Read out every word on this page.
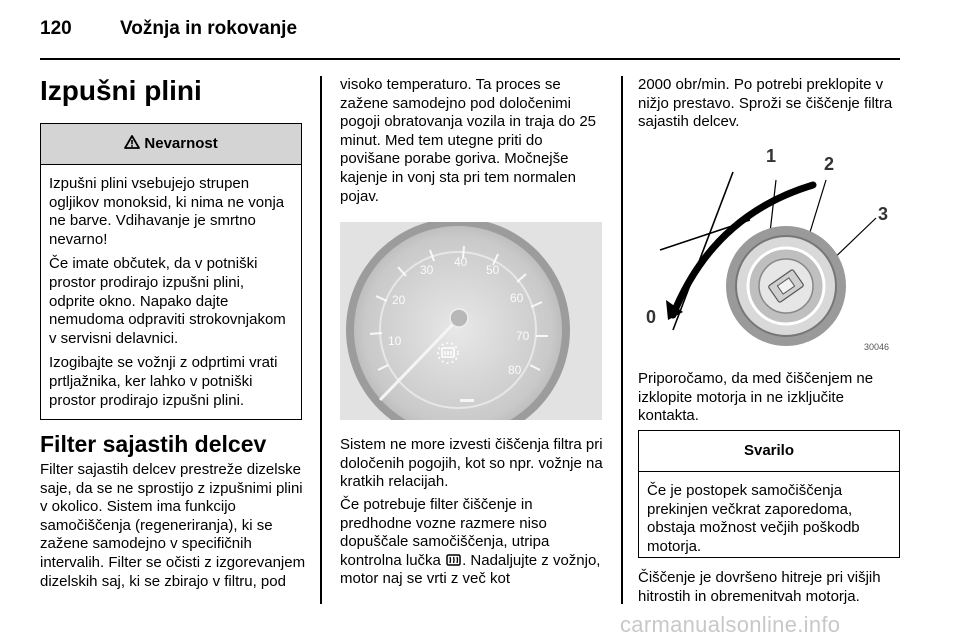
120	Vožnja in rokovanje
Izpušni plini
Nevarnost

Izpušni plini vsebujejo strupen ogljikov monoksid, ki nima ne vonja ne barve. Vdihavanje je smrtno nevarno!

Če imate občutek, da v potniški prostor prodirajo izpušni plini, odprite okno. Napako dajte nemudoma odpraviti strokovnjakom v servisni delavnici.

Izogibajte se vožnji z odprtimi vrati prtljažnika, ker lahko v potniški prostor prodirajo izpušni plini.

Filter sajastih delcev

Filter sajastih delcev prestreže dizelske saje, da se ne sprostijo z izpušnimi plini v okolico. Sistem ima funkcijo samočiščenja (regeneriranja), ki se zažene samodejno v specifičnih intervalih. Filter se očisti z izgorevanjem dizelskih saj, ki se zbirajo v filtru, pod

visoko temperaturo. Ta proces se zažene samodejno pod določenimi pogoji obratovanja vozila in traja do 25 minut. Med tem utegne priti do povišane porabe goriva. Močnejše kajenje in vonj sta pri tem normalen pojav.

10
20
30
40
50
60
70
80

Sistem ne more izvesti čiščenja filtra pri določenih pogojih, kot so npr. vožnje na kratkih relacijah.

Če potrebuje filter čiščenje in predhodne vozne razmere niso dopuščale samočiščenja, utripa kontrolna lučka . Nadaljujte z vožnjo, motor naj se vrti z več kot

2000 obr/min. Po potrebi preklopite v nižjo prestavo. Sproži se čiščenje filtra sajastih delcev.

0
1	2
3
30046

Priporočamo, da med čiščenjem ne izklopite motorja in ne izključite kontakta.

Svarilo

Če je postopek samočiščenja prekinjen večkrat zaporedoma, obstaja možnost večjih poškodb motorja.

Čiščenje je dovršeno hitreje pri višjih hitrostih in obremenitvah motorja.

carmanualsonline.info
